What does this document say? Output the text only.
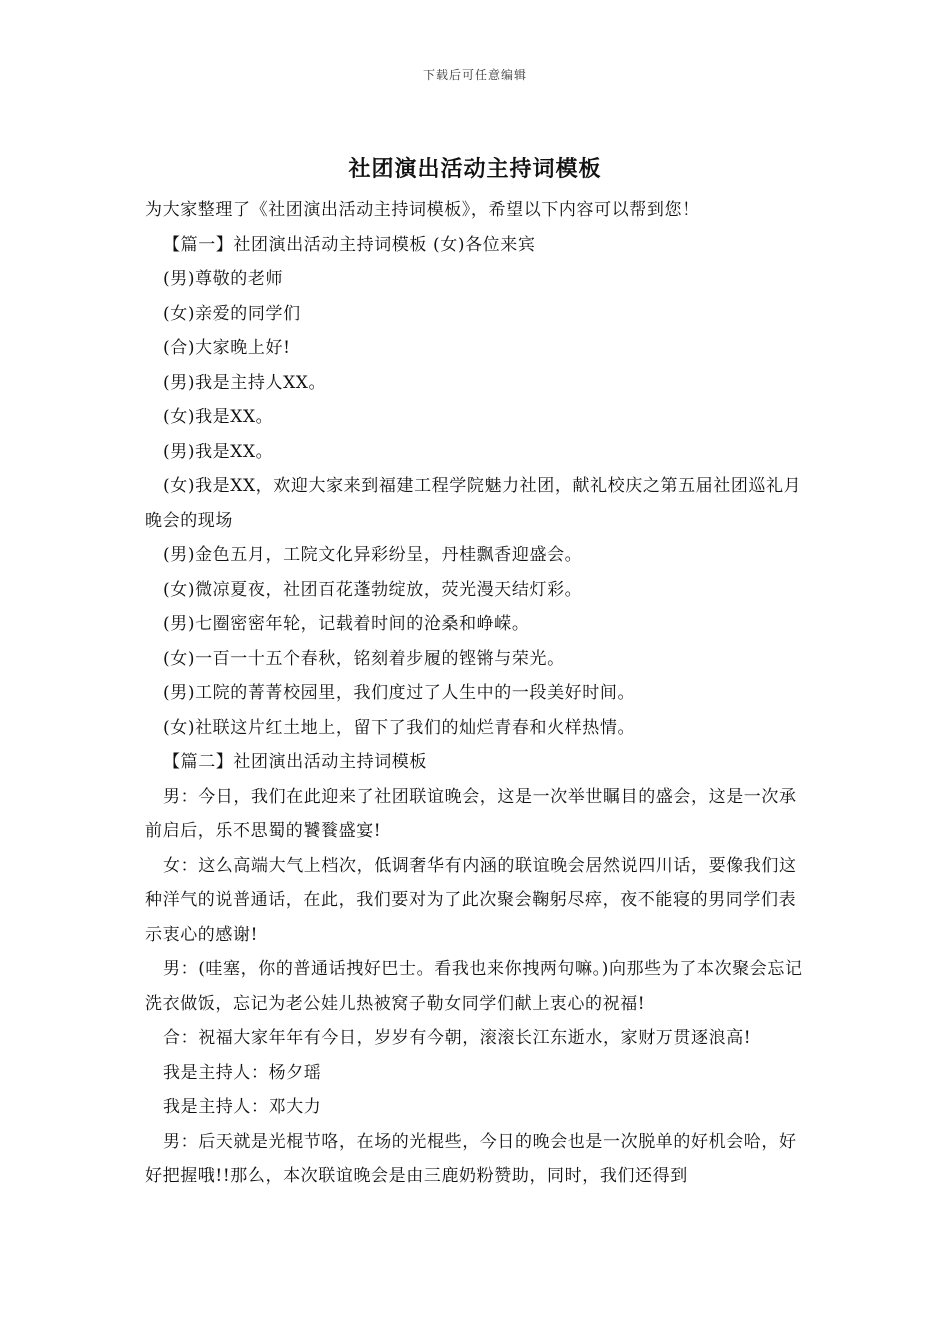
下载后可任意编辑
社团演出活动主持词模板

为大家整理了《社团演出活动主持词模板》，希望以下内容可以帮到您！

【篇一】社团演出活动主持词模板 (女)各位来宾

(男)尊敬的老师

(女)亲爱的同学们

(合)大家晚上好!

(男)我是主持人XX。

(女)我是XX。

(男)我是XX。

(女)我是XX，欢迎大家来到福建工程学院魅力社团，献礼校庆之第五届社团巡礼月晚会的现场

(男)金色五月，工院文化异彩纷呈，丹桂飘香迎盛会。

(女)微凉夏夜，社团百花蓬勃绽放，荧光漫天结灯彩。

(男)七圈密密年轮，记载着时间的沧桑和峥嵘。

(女)一百一十五个春秋，铭刻着步履的铿锵与荣光。

(男)工院的菁菁校园里，我们度过了人生中的一段美好时间。

(女)社联这片红土地上，留下了我们的灿烂青春和火样热情。

【篇二】社团演出活动主持词模板

男：今日，我们在此迎来了社团联谊晚会，这是一次举世瞩目的盛会，这是一次承前启后，乐不思蜀的饕餮盛宴!

女：这么高端大气上档次，低调奢华有内涵的联谊晚会居然说四川话，要像我们这种洋气的说普通话，在此，我们要对为了此次聚会鞠躬尽瘁，夜不能寝的男同学们表示衷心的感谢!

男：(哇塞，你的普通话拽好巴士。看我也来你拽两句嘛。)向那些为了本次聚会忘记洗衣做饭，忘记为老公娃儿热被窝子勒女同学们献上衷心的祝福!

合：祝福大家年年有今日，岁岁有今朝，滚滚长江东逝水，家财万贯逐浪高!

我是主持人：杨夕瑶

我是主持人：邓大力

男：后天就是光棍节咯，在场的光棍些，今日的晚会也是一次脱单的好机会哈，好好把握哦!!那么，本次联谊晚会是由三鹿奶粉赞助，同时，我们还得到
